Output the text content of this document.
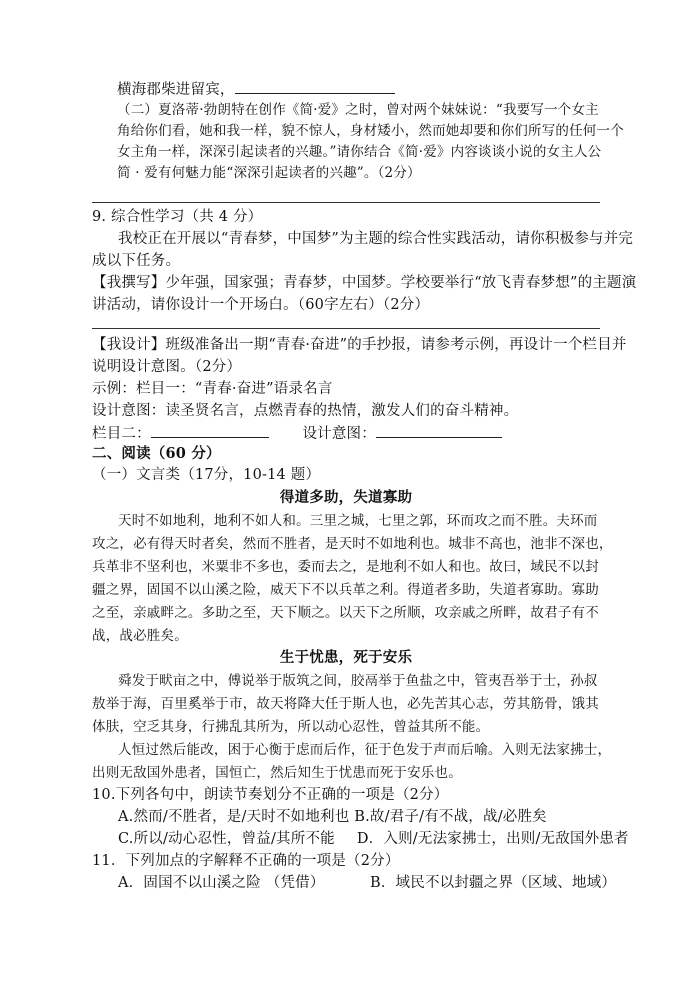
横海郡柴进留宾，
（二）夏洛蒂·勃朗特在创作《简·爱》之时，曾对两个妹妹说：“我要写一个女主
角给你们看，她和我一样，貌不惊人，身材矮小，然而她却要和你们所写的任何一个
女主角一样，深深引起读者的兴趣。”请你结合《简·爱》内容谈谈小说的女主人公
简 · 爱有何魅力能“深深引起读者的兴趣”。（2分）
9. 综合性学习（共 4 分）
我校正在开展以“青春梦，中国梦”为主题的综合性实践活动，请你积极参与并完
成以下任务。
【我撰写】少年强，国家强；青春梦，中国梦。学校要举行“放飞青春梦想”的主题演
讲活动，请你设计一个开场白。（60字左右）（2分）
【我设计】班级准备出一期“青春·奋进”的手抄报，请参考示例，再设计一个栏目并
说明设计意图。（2分）
示例：栏目一：“青春·奋进”语录名言
设计意图：读圣贤名言，点燃青春的热情，激发人们的奋斗精神。
栏目二：	设计意图：
二、阅读（60 分）
（一）文言类（17分，10-14 题）
得道多助，失道寡助
天时不如地利，地利不如人和。三里之城，七里之郭，环而攻之而不胜。夫环而
攻之，必有得天时者矣，然而不胜者，是天时不如地利也。城非不高也，池非不深也，
兵革非不坚利也，米粟非不多也，委而去之，是地利不如人和也。故曰，域民不以封
疆之界，固国不以山溪之险，威天下不以兵革之利。得道者多助，失道者寡助。寡助
之至，亲戚畔之。多助之至，天下顺之。以天下之所顺，攻亲戚之所畔，故君子有不
战，战必胜矣。
生于忧患，死于安乐
舜发于畎亩之中，傅说举于版筑之间，胶鬲举于鱼盐之中，管夷吾举于士，孙叔
敖举于海，百里奚举于市，故天将降大任于斯人也，必先苦其心志，劳其筋骨，饿其
体肤，空乏其身，行拂乱其所为，所以动心忍性，曾益其所不能。
人恒过然后能改，困于心衡于虑而后作，征于色发于声而后喻。入则无法家拂士，
出则无敌国外患者，国恒亡，然后知生于忧患而死于安乐也。
10.下列各句中，朗读节奏划分不正确的一项是（2分）
A.然而/不胜者，是/天时不如地利也 B.故/君子/有不战，战/必胜矣
C.所以/动心忍性，曾益/其所不能 D．入则/无法家拂士，出则/无敌国外患者
11．下列加点的字解释不正确的一项是（2分）
A．固国不以山溪之险 （凭借）	B．域民不以封疆之界（区域、地域）
